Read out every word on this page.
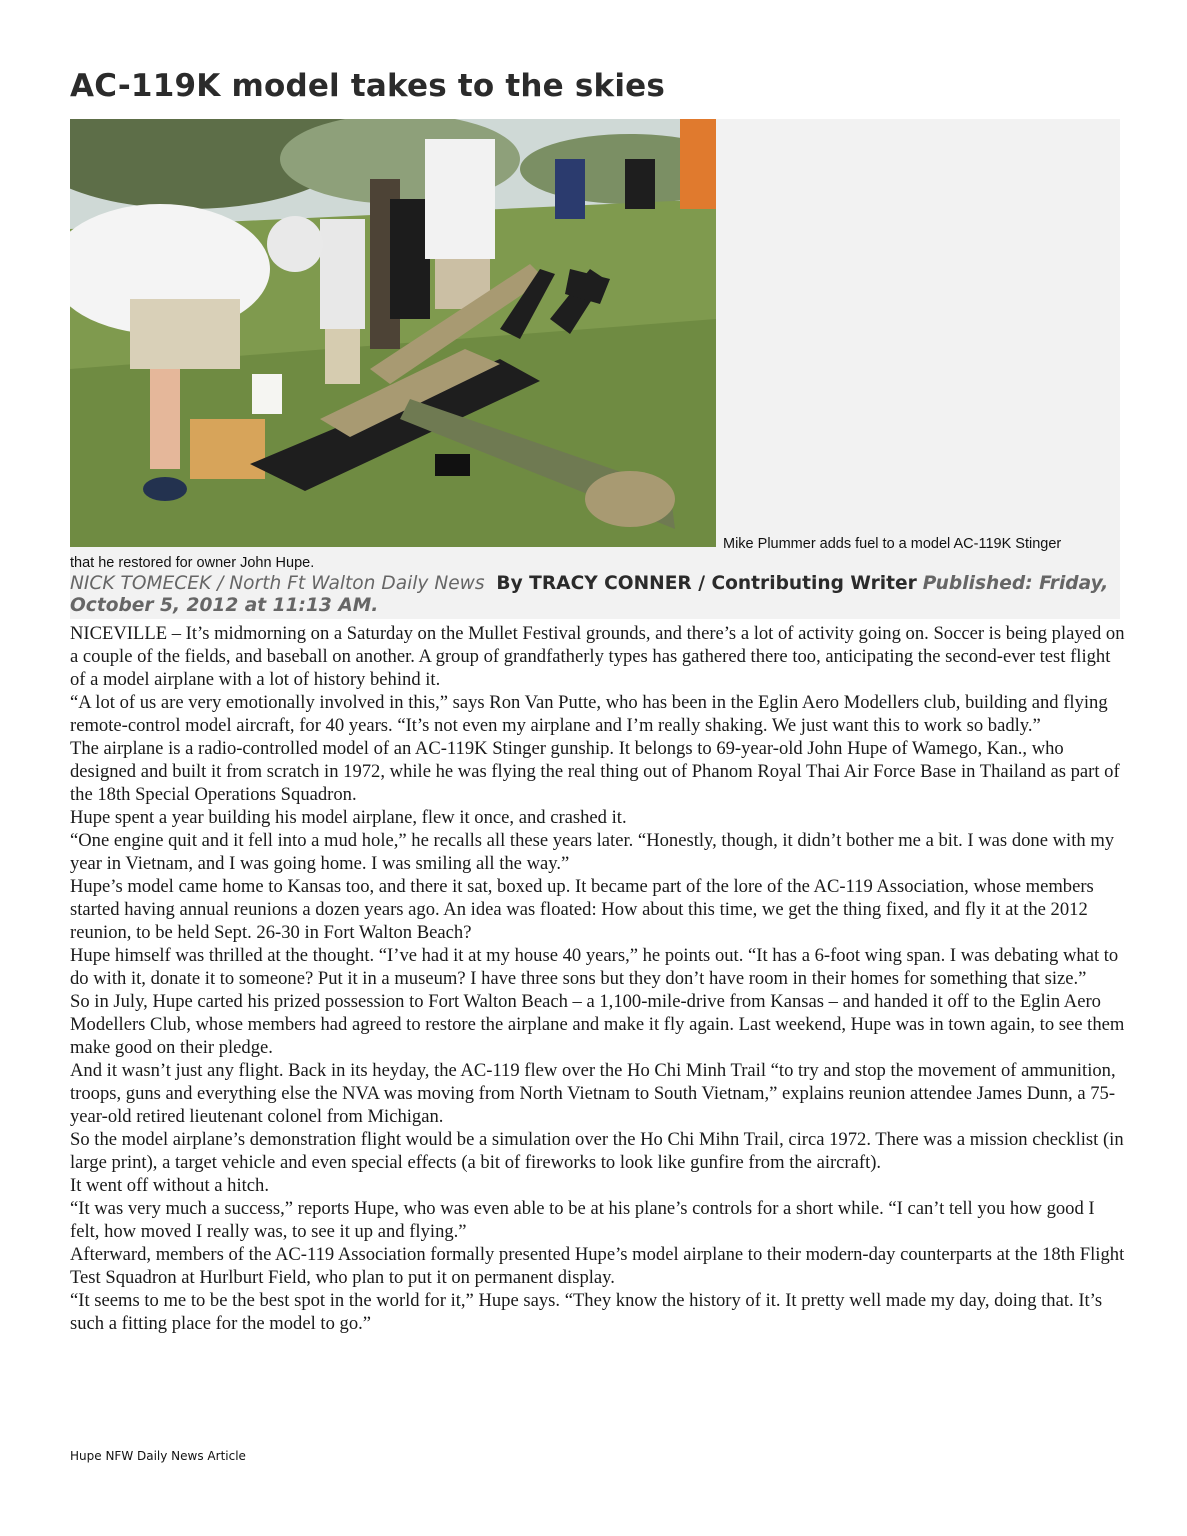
AC-119K model takes to the skies
Mike Plummer adds fuel to a model AC-119K Stinger
that he restored for owner John Hupe.
NICK TOMECEK / North Ft Walton Daily News By TRACY CONNER / Contributing Writer Published: Friday, October 5, 2012 at 11:13 AM.

NICEVILLE – It’s midmorning on a Saturday on the Mullet Festival grounds, and there’s a lot of activity going on. Soccer is being played on a couple of the fields, and baseball on another. A group of grandfatherly types has gathered there too, anticipating the second-ever test flight of a model airplane with a lot of history behind it.

“A lot of us are very emotionally involved in this,” says Ron Van Putte, who has been in the Eglin Aero Modellers club, building and flying remote-control model aircraft, for 40 years. “It’s not even my airplane and I’m really shaking. We just want this to work so badly.”

The airplane is a radio-controlled model of an AC-119K Stinger gunship. It belongs to 69-year-old John Hupe of Wamego, Kan., who designed and built it from scratch in 1972, while he was flying the real thing out of Phanom Royal Thai Air Force Base in Thailand as part of the 18th Special Operations Squadron.

Hupe spent a year building his model airplane, flew it once, and crashed it.

“One engine quit and it fell into a mud hole,” he recalls all these years later. “Honestly, though, it didn’t bother me a bit. I was done with my year in Vietnam, and I was going home. I was smiling all the way.”

Hupe’s model came home to Kansas too, and there it sat, boxed up. It became part of the lore of the AC-119 Association, whose members started having annual reunions a dozen years ago. An idea was floated: How about this time, we get the thing fixed, and fly it at the 2012 reunion, to be held Sept. 26-30 in Fort Walton Beach?

Hupe himself was thrilled at the thought. “I’ve had it at my house 40 years,” he points out. “It has a 6-foot wing span. I was debating what to do with it, donate it to someone? Put it in a museum? I have three sons but they don’t have room in their homes for something that size.”

So in July, Hupe carted his prized possession to Fort Walton Beach – a 1,100-mile-drive from Kansas – and handed it off to the Eglin Aero Modellers Club, whose members had agreed to restore the airplane and make it fly again. Last weekend, Hupe was in town again, to see them make good on their pledge.

And it wasn’t just any flight. Back in its heyday, the AC-119 flew over the Ho Chi Minh Trail “to try and stop the movement of ammunition, troops, guns and everything else the NVA was moving from North Vietnam to South Vietnam,” explains reunion attendee James Dunn, a 75-year-old retired lieutenant colonel from Michigan.

So the model airplane’s demonstration flight would be a simulation over the Ho Chi Mihn Trail, circa 1972. There was a mission checklist (in large print), a target vehicle and even special effects (a bit of fireworks to look like gunfire from the aircraft).

It went off without a hitch.

“It was very much a success,” reports Hupe, who was even able to be at his plane’s controls for a short while. “I can’t tell you how good I felt, how moved I really was, to see it up and flying.”

Afterward, members of the AC-119 Association formally presented Hupe’s model airplane to their modern-day counterparts at the 18th Flight Test Squadron at Hurlburt Field, who plan to put it on permanent display.

“It seems to me to be the best spot in the world for it,” Hupe says. “They know the history of it. It pretty well made my day, doing that. It’s such a fitting place for the model to go.”

Hupe NFW Daily News Article
